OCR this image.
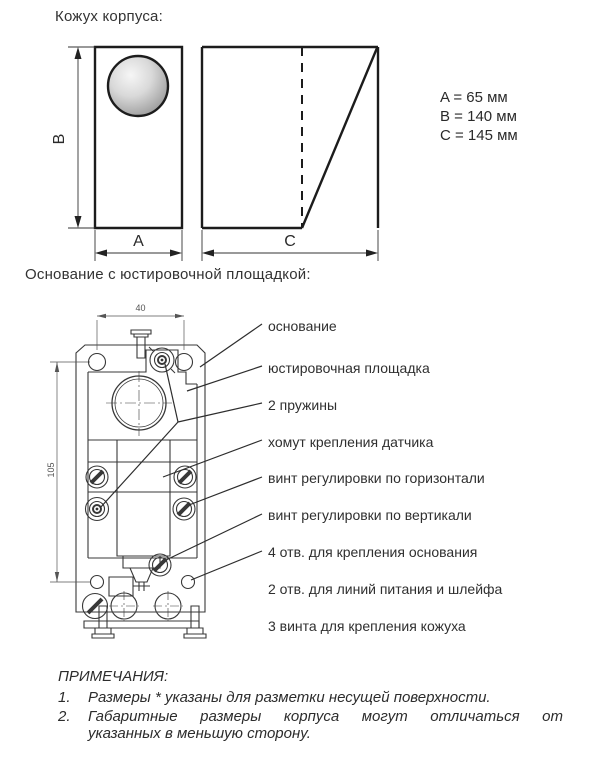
Кожух корпуса:
B
A	C
A = 65 мм
B = 140 мм
C = 145 мм
Основание с юстировочной площадкой:
40
105
основание
юстировочная площадка
2 пружины
хомут крепления датчика
винт регулировки по горизонтали
винт регулировки по вертикали
4 отв. для крепления основания
2 отв. для линий питания и шлейфа
3 винта для крепления кожуха
ПРИМЕЧАНИЯ:
1.	Размеры * указаны для разметки несущей поверхности.
2.	Габаритные размеры корпуса могут отличаться от
указанных в меньшую сторону.
